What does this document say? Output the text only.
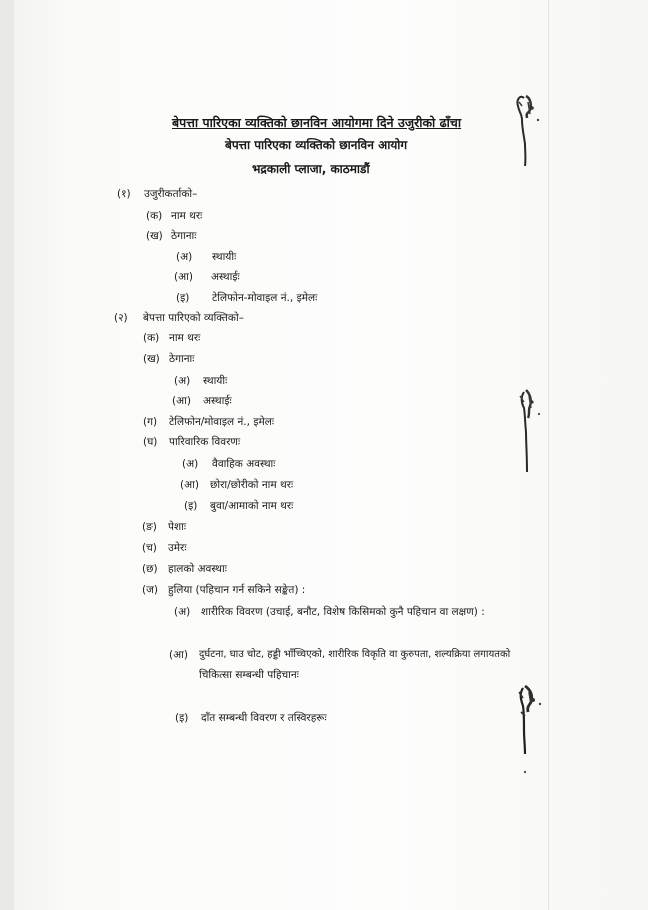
बेपत्ता पारिएका व्यक्तिको छानविन आयोगमा दिने उजुरीको ढाँचा
बेपत्ता पारिएका व्यक्तिको छानविन आयोग
भद्रकाली प्लाजा, काठमाडौं
(१) उजुरीकर्ताको–
(क) नाम थरः
(ख) ठेगानाः
(अ) स्थायीः
(आ) अस्थाईः
(इ) टेलिफोन-मोवाइल नं., इमेलः
(२) बेपत्ता पारिएको व्यक्तिको–
(क) नाम थरः
(ख) ठेगानाः
(अ) स्थायीः
(आ) अस्थाईः
(ग) टेलिफोन/मोवाइल नं., इमेलः
(घ) पारिवारिक विवरणः
(अ) वैवाहिक अवस्थाः
(आ) छोरा/छोरीको नाम थरः
(इ) बुवा/आमाको नाम थरः
(ङ) पेशाः
(च) उमेरः
(छ) हालको अवस्थाः
(ज) हुलिया (पहिचान गर्न सकिने सङ्केत) :
(अ) शारीरिक विवरण (उचाई, बनौट, विशेष किसिमको कुनै पहिचान वा लक्षण) :
(आ) दुर्घटना, घाउ चोट, हड्डी भाँच्चिएको, शारीरिक विकृति वा कुरुपता, शल्यक्रिया लगायतको
चिकित्सा सम्बन्धी पहिचानः
(इ) दाँत सम्बन्धी विवरण र तस्विरहरूः
